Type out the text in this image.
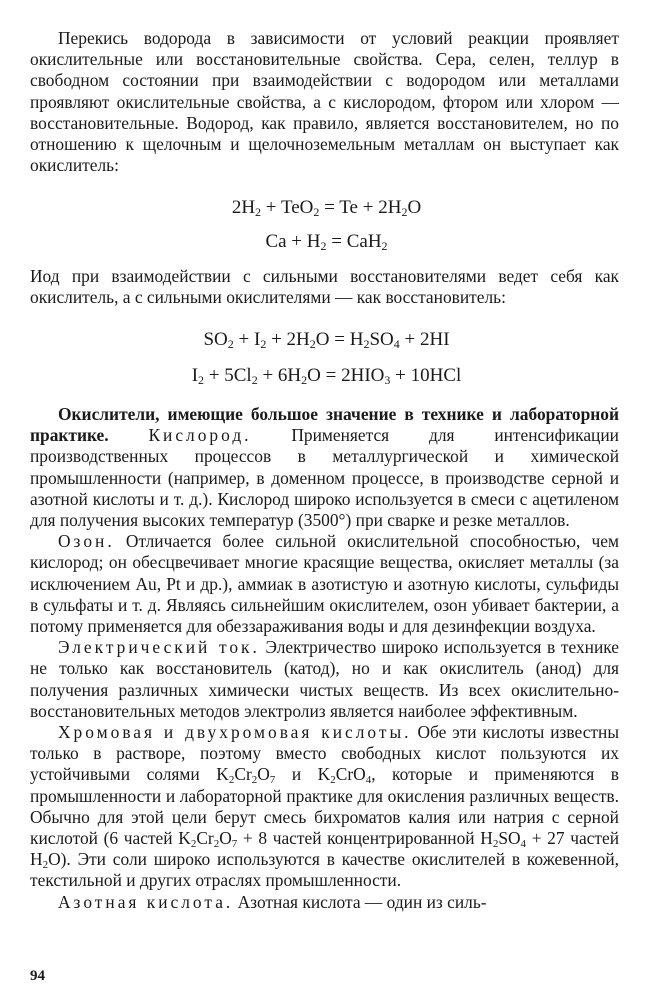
Перекись водорода в зависимости от условий реакции проявляет окислительные или восстановительные свойства. Сера, селен, теллур в свободном состоянии при взаимодействии с водородом или металлами проявляют окислительные свойства, а с кислородом, фтором или хлором — восстановительные. Водород, как правило, является восстановителем, но по отношению к щелочным и щелочноземельным металлам он выступает как окислитель:

$2H_2 + TeO_2 = Te + 2H_2O$
$Ca + H_2 = CaH_2$

Иод при взаимодействии с сильными восстановителями ведет себя как окислитель, а с сильными окислителями — как восстановитель:

$SO_2 + I_2 + 2H_2O = H_2SO_4 + 2HI$
$I_2 + 5Cl_2 + 6H_2O = 2HIO_3 + 10HCl$

Окислители, имеющие большое значение в технике и лабораторной практике. Кислород. Применяется для интенсификации производственных процессов в металлургической и химической промышленности (например, в доменном процессе, в производстве серной и азотной кислоты и т. д.). Кислород широко используется в смеси с ацетиленом для получения высоких температур (3500°) при сварке и резке металлов.

Озон. Отличается более сильной окислительной способностью, чем кислород; он обесцвечивает многие красящие вещества, окисляет металлы (за исключением Au, Pt и др.), аммиак в азотистую и азотную кислоты, сульфиды в сульфаты и т. д. Являясь сильнейшим окислителем, озон убивает бактерии, а потому применяется для обеззараживания воды и для дезинфекции воздуха.

Электрический ток. Электричество широко используется в технике не только как восстановитель (катод), но и как окислитель (анод) для получения различных химически чистых веществ. Из всех окислительно-восстановительных методов электролиз является наиболее эффективным.

Хромовая и двухромовая кислоты. Обе эти кислоты известны только в растворе, поэтому вместо свободных кислот пользуются их устойчивыми солями $K_2Cr_2O_7$ и $K_2CrO_4$, которые и применяются в промышленности и лабораторной практике для окисления различных веществ. Обычно для этой цели берут смесь бихроматов калия или натрия с серной кислотой (6 частей $K_2Cr_2O_7 + 8$ частей концентрированной $H_2SO_4 + 27$ частей $H_2O$). Эти соли широко используются в качестве окислителей в кожевенной, текстильной и других отраслях промышленности.

Азотная кислота. Азотная кислота — один из силь-

94
